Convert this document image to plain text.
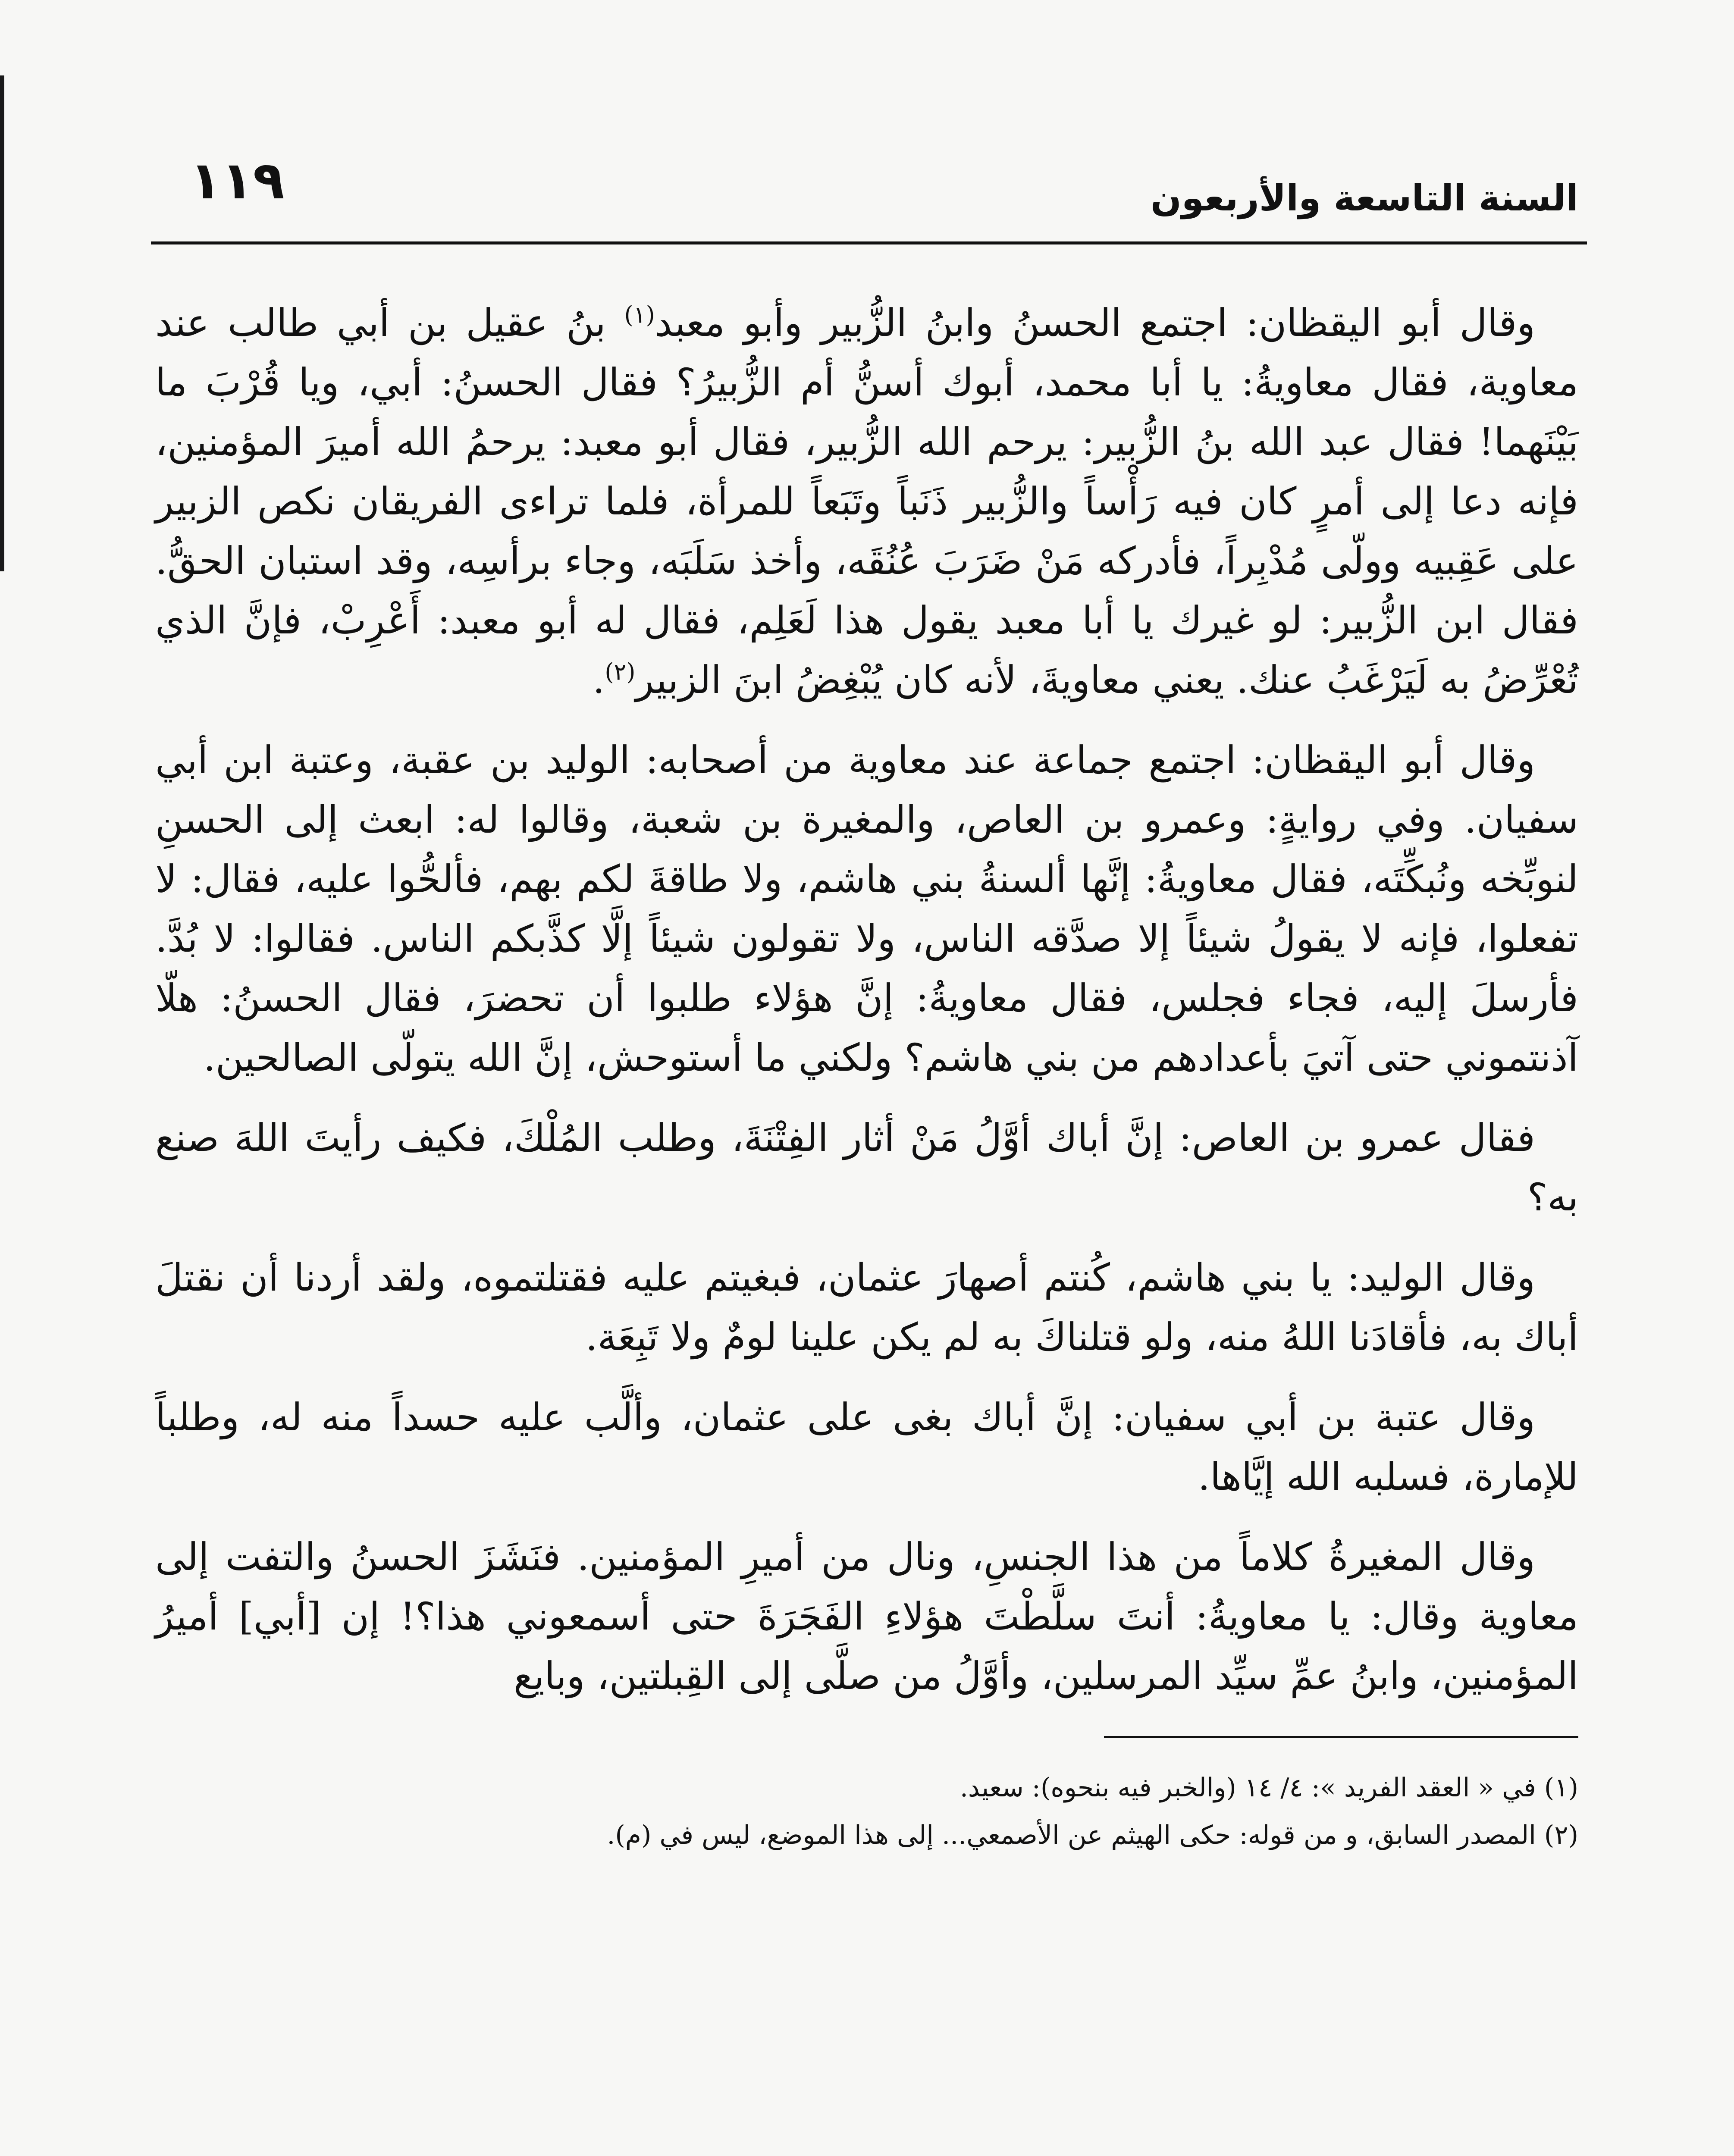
١١٩	السنة التاسعة والأربعون

وقال أبو اليقظان: اجتمع الحسنُ وابنُ الزُّبير وأبو معبد$^{(١)}$ بنُ عقيل بن أبي طالب عند معاوية، فقال معاويةُ: يا أبا محمد، أبوك أسنُّ أم الزُّبيرُ؟ فقال الحسنُ: أبي، ويا قُرْبَ ما بَيْنَهما! فقال عبد الله بنُ الزُّبير: يرحم الله الزُّبير، فقال أبو معبد: يرحمُ الله أميرَ المؤمنين، فإنه دعا إلى أمرٍ كان فيه رَأْساً والزُّبير ذَنَباً وتَبَعاً للمرأة، فلما تراءى الفريقان نكص الزبير على عَقِبيه وولّى مُدْبِراً، فأدركه مَنْ ضَرَبَ عُنُقَه، وأخذ سَلَبَه، وجاء برأسِه، وقد استبان الحقُّ. فقال ابن الزُّبير: لو غيرك يا أبا معبد يقول هذا لَعَلِم، فقال له أبو معبد: أَعْرِبْ، فإنَّ الذي تُعْرِّضُ به لَيَرْغَبُ عنك. يعني معاويةَ، لأنه كان يُبْغِضُ ابنَ الزبير$^{(٢)}$.

وقال أبو اليقظان: اجتمع جماعة عند معاوية من أصحابه: الوليد بن عقبة، وعتبة ابن أبي سفيان. وفي روايةٍ: وعمرو بن العاص، والمغيرة بن شعبة، وقالوا له: ابعث إلى الحسنِ لنوبِّخه ونُبكِّتَه، فقال معاويةُ: إنَّها ألسنةُ بني هاشم، ولا طاقةَ لكم بهم، فألحُّوا عليه، فقال: لا تفعلوا، فإنه لا يقولُ شيئاً إلا صدَّقه الناس، ولا تقولون شيئاً إلَّا كذَّبكم الناس. فقالوا: لا بُدَّ. فأرسلَ إليه، فجاء فجلس، فقال معاويةُ: إنَّ هؤلاء طلبوا أن تحضرَ، فقال الحسنُ: هلّا آذنتموني حتى آتيَ بأعدادهم من بني هاشم؟ ولكني ما أستوحش، إنَّ الله يتولّى الصالحين.

فقال عمرو بن العاص: إنَّ أباك أوَّلُ مَنْ أثار الفِتْنَةَ، وطلب المُلْكَ، فكيف رأيتَ اللهَ صنع به؟

وقال الوليد: يا بني هاشم، كُنتم أصهارَ عثمان، فبغيتم عليه فقتلتموه، ولقد أردنا أن نقتلَ أباك به، فأقادَنا اللهُ منه، ولو قتلناكَ به لم يكن علينا لومٌ ولا تَبِعَة.

وقال عتبة بن أبي سفيان: إنَّ أباك بغى على عثمان، وألَّب عليه حسداً منه له، وطلباً للإمارة، فسلبه الله إيَّاها.

وقال المغيرةُ كلاماً من هذا الجنسِ، ونال من أميرِ المؤمنين. فنَشَزَ الحسنُ والتفت إلى معاوية وقال: يا معاويةُ: أنتَ سلَّطْتَ هؤلاءِ الفَجَرَةَ حتى أسمعوني هذا؟! إن [أبي] أميرُ المؤمنين، وابنُ عمِّ سيِّد المرسلين، وأوَّلُ من صلَّى إلى القِبلتين، وبايع

(١) في « العقد الفريد »: ٤/ ١٤ (والخبر فيه بنحوه): سعيد.
(٢) المصدر السابق، و من قوله: حكى الهيثم عن الأصمعي... إلى هذا الموضع، ليس في (م).
